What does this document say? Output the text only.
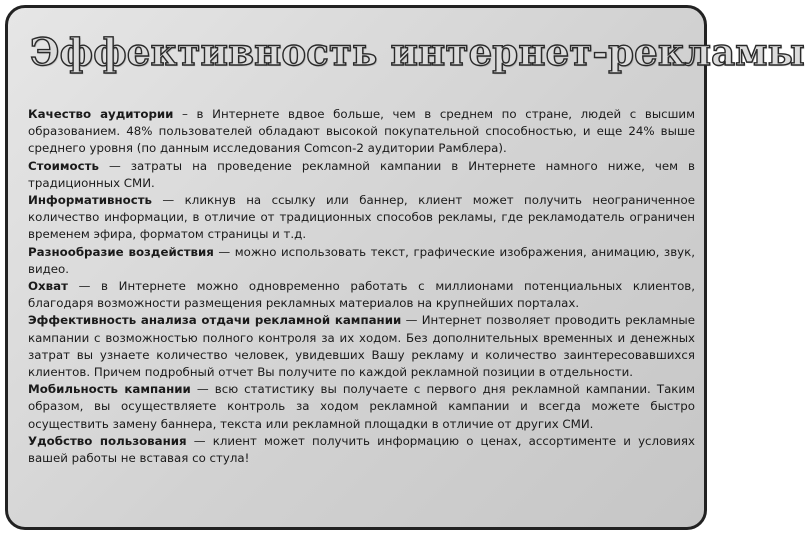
Эффективность интернет-рекламы

Качество аудитории – в Интернете вдвое больше, чем в среднем по стране, людей с высшим образованием. 48% пользователей обладают высокой покупательной способностью, и еще 24% выше среднего уровня (по данным исследования Comcon-2 аудитории Рамблера).

Стоимость — затраты на проведение рекламной кампании в Интернете намного ниже, чем в традиционных СМИ.

Информативность — кликнув на ссылку или баннер, клиент может получить неограниченное количество информации, в отличие от традиционных способов рекламы, где рекламодатель ограничен временем эфира, форматом страницы и т.д.

Разнообразие воздействия — можно использовать текст, графические изображения, анимацию, звук, видео.

Охват — в Интернете можно одновременно работать с миллионами потенциальных клиентов, благодаря возможности размещения рекламных материалов на крупнейших порталах.

Эффективность анализа отдачи рекламной кампании — Интернет позволяет проводить рекламные кампании с возможностью полного контроля за их ходом. Без дополнительных временных и денежных затрат вы узнаете количество человек, увидевших Вашу рекламу и количество заинтересовавшихся клиентов. Причем подробный отчет Вы получите по каждой рекламной позиции в отдельности.

Мобильность кампании — всю статистику вы получаете с первого дня рекламной кампании. Таким образом, вы осуществляете контроль за ходом рекламной кампании и всегда можете быстро осуществить замену баннера, текста или рекламной площадки в отличие от других СМИ.

Удобство пользования — клиент может получить информацию о ценах, ассортименте и условиях вашей работы не вставая со стула!
